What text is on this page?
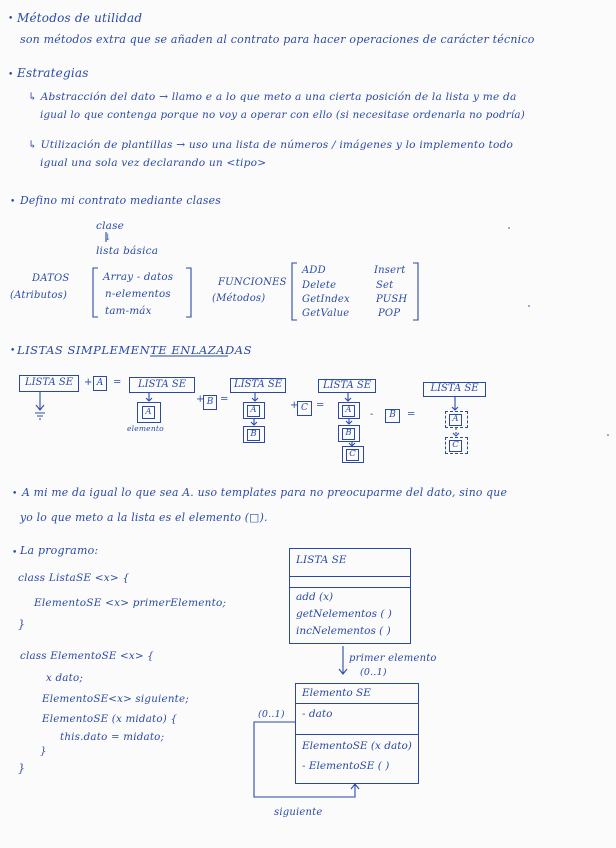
• Métodos de utilidad
son métodos extra que se añaden al contrato para hacer operaciones de carácter técnico
• Estrategias
↳ Abstracción del dato → llamo e a lo que meto a una cierta posición de la lista y me da
igual lo que contenga porque no voy a operar con ello (si necesitase ordenarla no podría)
↳ Utilización de plantillas → uso una lista de números / imágenes y lo implemento todo
igual una sola vez declarando un <tipo>
• Defino mi contrato mediante clases
clase
↓
lista básica
DATOS
(Atributos)
Array - datos
n-elementos
tam-máx
FUNCIONES
(Métodos)
ADD
Delete
GetIndex
GetValue
Insert
Set
PUSH
POP
• LISTAS SIMPLEMENTE ENLAZADAS
LISTA SE	+ A =	LISTA SE
A
elemento
+ B =
LISTA SE
A
B
+ C =
LISTA SE
A
B
C
-	B	=
LISTA SE
A
C
• A mi me da igual lo que sea A. uso templates para no preocuparme del dato, sino que
yo lo que meto a la lista es el elemento (□).
• La programo:
class ListaSE <x> {
ElementoSE <x> primerElemento;
}
class ElementoSE <x> {
x dato;
ElementoSE<x> siguiente;
ElementoSE (x midato) {
this.dato = midato;
}
}
LISTA SE
add (x)
getNelementos ( )
incNelementos ( )
primer elemento
(0..1)
Elemento SE
- dato
ElementoSE (x dato)
- ElementoSE ( )
(0..1)
siguiente
